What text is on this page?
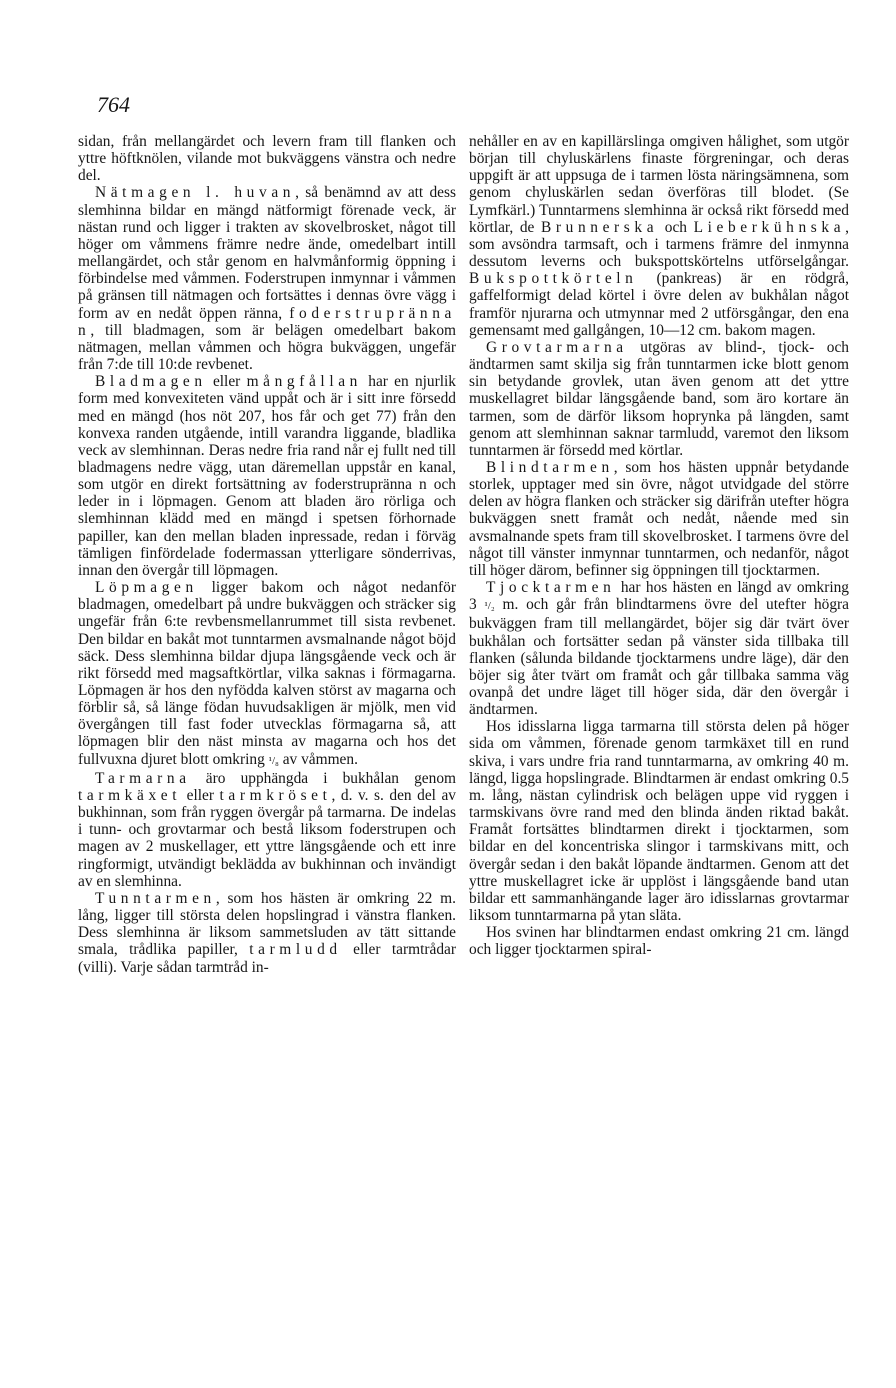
764

sidan, från mellangärdet och levern fram till flanken och yttre höftknölen, vilande mot bukväggens vänstra och nedre del.

Nätmagen l. huvan, så benämnd av att dess slemhinna bildar en mängd nätformigt förenade veck, är nästan rund och ligger i trakten av skovelbrosket, något till höger om våmmens främre nedre ände, omedelbart intill mellangärdet, och står genom en halvmånformig öppning i förbindelse med våmmen. Foderstrupen inmynnar i våmmen på gränsen till nätmagen och fortsättes i dennas övre vägg i form av en nedåt öppen ränna, foderstrupränna n, till bladmagen, som är belägen omedelbart bakom nätmagen, mellan våmmen och högra bukväggen, ungefär från 7:de till 10:de revbenet.

Bladmagen eller mångfållan har en njurlik form med konvexiteten vänd uppåt och är i sitt inre försedd med en mängd (hos nöt 207, hos får och get 77) från den konvexa randen utgående, intill varandra liggande, bladlika veck av slemhinnan. Deras nedre fria rand når ej fullt ned till bladmagens nedre vägg, utan däremellan uppstår en kanal, som utgör en direkt fortsättning av foderstrupränna n och leder in i löpmagen. Genom att bladen äro rörliga och slemhinnan klädd med en mängd i spetsen förhornade papiller, kan den mellan bladen inpressade, redan i förväg tämligen finfördelade fodermassan ytterligare sönderrivas, innan den övergår till löpmagen.

Löpmagen ligger bakom och något nedanför bladmagen, omedelbart på undre bukväggen och sträcker sig ungefär från 6:te revbensmellanrummet till sista revbenet. Den bildar en bakåt mot tunntarmen avsmalnande något böjd säck. Dess slemhinna bildar djupa längsgående veck och är rikt försedd med magsaftkörtlar, vilka saknas i förmagarna. Löpmagen är hos den nyfödda kalven störst av magarna och förblir så, så länge födan huvudsakligen är mjölk, men vid övergången till fast foder utvecklas förmagarna så, att löpmagen blir den näst minsta av magarna och hos det fullvuxna djuret blott omkring ¹/₈ av våmmen.

Tarmarna äro upphängda i bukhålan genom tarmkäxet eller tarmkröset, d. v. s. den del av bukhinnan, som från ryggen övergår på tarmarna. De indelas i tunn- och grovtarmar och bestå liksom foderstrupen och magen av 2 muskellager, ett yttre längsgående och ett inre ringformigt, utvändigt beklädda av bukhinnan och invändigt av en slemhinna.

Tunntarmen, som hos hästen är omkring 22 m. lång, ligger till största delen hopslingrad i vänstra flanken. Dess slemhinna är liksom sammetsluden av tätt sittande smala, trådlika papiller, tarmludd eller tarmtrådar (villi). Varje sådan tarmtråd in-

nehåller en av en kapillärslinga omgiven hålighet, som utgör början till chyluskärlens finaste förgreningar, och deras uppgift är att uppsuga de i tarmen lösta näringsämnena, som genom chyluskärlen sedan överföras till blodet. (Se Lymfkärl.) Tunntarmens slemhinna är också rikt försedd med körtlar, de Brunnerska och Lieberkühnska, som avsöndra tarmsaft, och i tarmens främre del inmynna dessutom leverns och bukspottskörtelns utförselgångar. Bukspottkörteln (pankreas) är en rödgrå, gaffelformigt delad körtel i övre delen av bukhålan något framför njurarna och utmynnar med 2 utförsgångar, den ena gemensamt med gallgången, 10—12 cm. bakom magen.

Grovtarmarna utgöras av blind-, tjock- och ändtarmen samt skilja sig från tunntarmen icke blott genom sin betydande grovlek, utan även genom att det yttre muskellagret bildar längsgående band, som äro kortare än tarmen, som de därför liksom hoprynka på längden, samt genom att slemhinnan saknar tarmludd, varemot den liksom tunntarmen är försedd med körtlar.

Blindtarmen, som hos hästen uppnår betydande storlek, upptager med sin övre, något utvidgade del större delen av högra flanken och sträcker sig därifrån utefter högra bukväggen snett framåt och nedåt, nående med sin avsmalnande spets fram till skovelbrosket. I tarmens övre del något till vänster inmynnar tunntarmen, och nedanför, något till höger därom, befinner sig öppningen till tjocktarmen.

Tjocktarmen har hos hästen en längd av omkring 3 ¹/₂ m. och går från blindtarmens övre del utefter högra bukväggen fram till mellangärdet, böjer sig där tvärt över bukhålan och fortsätter sedan på vänster sida tillbaka till flanken (sålunda bildande tjocktarmens undre läge), där den böjer sig åter tvärt om framåt och går tillbaka samma väg ovanpå det undre läget till höger sida, där den övergår i ändtarmen.

Hos idisslarna ligga tarmarna till största delen på höger sida om våmmen, förenade genom tarmkäxet till en rund skiva, i vars undre fria rand tunntarmarna, av omkring 40 m. längd, ligga hopslingrade. Blindtarmen är endast omkring 0.5 m. lång, nästan cylindrisk och belägen uppe vid ryggen i tarmskivans övre rand med den blinda änden riktad bakåt. Framåt fortsättes blindtarmen direkt i tjocktarmen, som bildar en del koncentriska slingor i tarmskivans mitt, och övergår sedan i den bakåt löpande ändtarmen. Genom att det yttre muskellagret icke är upplöst i längsgående band utan bildar ett sammanhängande lager äro idisslarnas grovtarmar liksom tunntarmarna på ytan släta.

Hos svinen har blindtarmen endast omkring 21 cm. längd och ligger tjocktarmen spiral-
